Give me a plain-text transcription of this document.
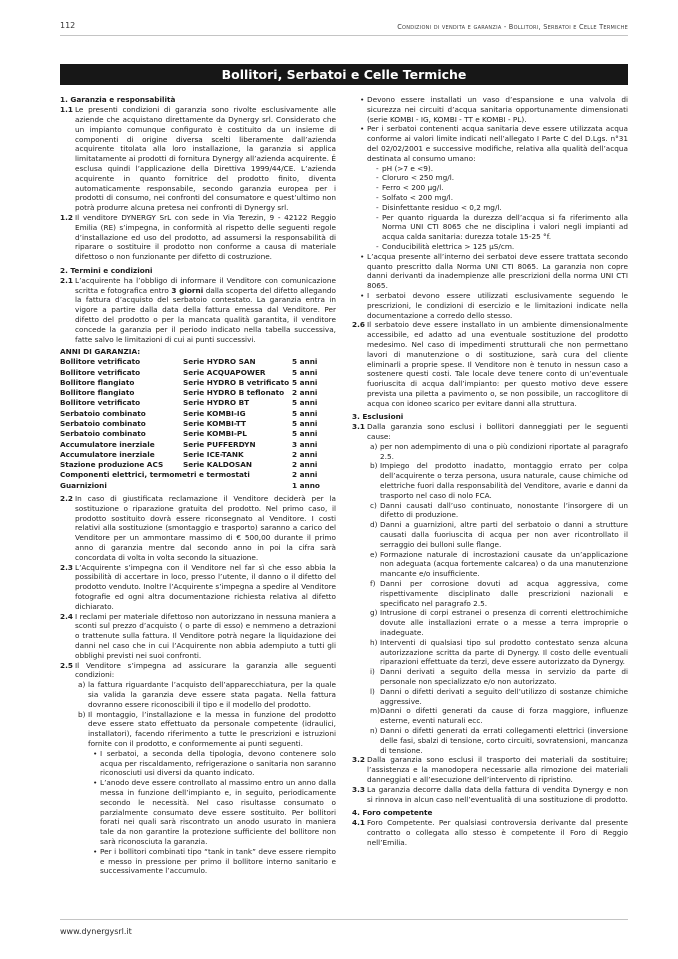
112	Condizioni di vendita e garanzia - Bollitori, Serbatoi e Celle Termiche
Bollitori, Serbatoi e Celle Termiche
1. Garanzia e responsabilità
1.1 Le presenti condizioni di garanzia sono rivolte esclusivamente alle aziende che acquistano direttamente da Dynergy srl. Considerato che un impianto comunque configurato è costituito da un insieme di componenti di origine diversa scelti liberamente dall’azienda acquirente titolata alla loro installazione, la garanzia si applica limitatamente ai prodotti di fornitura Dynergy all’azienda acquirente. É esclusa quindi l’applicazione della Direttiva 1999/44/CE. L’azienda acquirente in quanto fornitrice del prodotto finito, diventa automaticamente responsabile, secondo garanzia europea per i prodotti di consumo, nei confronti del consumatore e quest’ultimo non potrà produrre alcuna pretesa nei confronti di Dynergy srl.
1.2 Il venditore DYNERGY SrL con sede in Via Terezin, 9 - 42122 Reggio Emilia (RE) s’impegna, in conformità al rispetto delle seguenti regole d’installazione ed uso del prodotto, ad assumersi la responsabilità di riparare o sostituire il prodotto non conforme a causa di materiale difettoso o non funzionante per difetto di costruzione.
2. Termini e condizioni
2.1 L’acquirente ha l’obbligo di informare il Venditore con comunicazione scritta e fotografica entro 3 giorni dalla scoperta del difetto allegando la fattura d’acquisto del serbatoio contestato. La garanzia entra in vigore a partire dalla data della fattura emessa dal Venditore. Per difetto del prodotto o per la mancata qualità garantita, il venditore concede la garanzia per il periodo indicato nella tabella successiva, fatte salvo le limitazioni di cui ai punti successivi.
ANNI DI GARANZIA:
Bollitore vetrificato	Serie HYDRO SAN	5 anni
Bollitore vetrificato	Serie ACQUAPOWER	5 anni
Bollitore flangiato	Serie HYDRO B vetrificato 5 anni
Bollitore flangiato	Serie HYDRO B teflonato	2 anni
Bollitore vetrificato	Serie HYDRO BT	5 anni
Serbatoio combinato	Serie KOMBI-IG	5 anni
Serbatoio combinato	Serie KOMBI-TT	5 anni
Serbatoio combinato	Serie KOMBI-PL	5 anni
Accumulatore inerziale	Serie PUFFERDYN	3 anni
Accumulatore inerziale	Serie ICE-TANK	2 anni
Stazione produzione ACS	Serie KALDOSAN	2 anni
Componenti elettrici, termometri e termostati	2 anni
Guarnizioni	1 anno
2.2 In caso di giustificata reclamazione il Venditore deciderà per la sostituzione o riparazione gratuita del prodotto. Nel primo caso, il prodotto sostituito dovrà essere riconsegnato al Venditore. I costi relativi alla sostituzione (smontaggio e trasporto) saranno a carico del Venditore per un ammontare massimo di € 500,00 durante il primo anno di garanzia mentre dal secondo anno in poi la cifra sarà concordata di volta in volta secondo la situazione.
2.3 L’Acquirente s’impegna con il Venditore nel far sì che esso abbia la possibilità di accertare in loco, presso l’utente, il danno o il difetto del prodotto venduto. Inoltre l’Acquirente s’impegna a spedire al Venditore fotografie ed ogni altra documentazione richiesta relativa al difetto dichiarato.
2.4 I reclami per materiale difettoso non autorizzano in nessuna maniera a sconti sul prezzo d’acquisto ( o parte di esso) e nemmeno a detrazioni o trattenute sulla fattura. Il Venditore potrà negare la liquidazione dei danni nel caso che in cui l’Acquirente non abbia adempiuto a tutti gli obblighi previsti nei suoi confronti.
2.5 Il Venditore s’impegna ad assicurare la garanzia alle seguenti condizioni:
a) la fattura riguardante l’acquisto dell’apparecchiatura, per la quale sia valida la garanzia deve essere stata pagata. Nella fattura dovranno essere riconoscibili il tipo e il modello del prodotto.
b) Il montaggio, l’installazione e la messa in funzione del prodotto deve essere stato effettuato da personale competente (idraulici, installatori), facendo riferimento a tutte le prescrizioni e istruzioni fornite con il prodotto, e conformemente ai punti seguenti.
• I serbatoi, a seconda della tipologia, devono contenere solo acqua per riscaldamento, refrigerazione o sanitaria non saranno riconosciuti usi diversi da quanto indicato.
• L’anodo deve essere controllato al massimo entro un anno dalla messa in funzione dell’impianto e, in seguito, periodicamente secondo le necessità. Nel caso risultasse consumato o parzialmente consumato deve essere sostituito. Per bollitori forati nei quali sarà riscontrato un anodo usurato in maniera tale da non garantire la protezione sufficiente del bollitore non sarà riconosciuta la garanzia.
• Per i bollitori combinati tipo “tank in tank” deve essere riempito e messo in pressione per primo il bollitore interno sanitario e successivamente l’accumulo.
• Devono essere installati un vaso d’espansione e una valvola di sicurezza nei circuiti d’acqua sanitaria opportunamente dimensionati (serie KOMBI - IG, KOMBI - TT e KOMBI - PL).
• Per i serbatoi contenenti acqua sanitaria deve essere utilizzata acqua conforme ai valori limite indicati nell’allegato I Parte C del D.Lgs. n°31 del 02/02/2001 e successive modifiche, relativa alla qualità dell’acqua destinata al consumo umano:
- pH (>7 e <9).
- Cloruro < 250 mg/l.
- Ferro < 200 μg/l.
- Solfato < 200 mg/l.
- Disinfettante residuo < 0,2 mg/l.
- Per quanto riguarda la durezza dell’acqua si fa riferimento alla Norma UNI CTI 8065 che ne disciplina i valori negli impianti ad acqua calda sanitaria: durezza totale 15-25 °f.
- Conducibilità elettrica > 125 μS/cm.
• L’acqua presente all’interno dei serbatoi deve essere trattata secondo quanto prescritto dalla Norma UNI CTI 8065. La garanzia non copre danni derivanti da inadempienze alle prescrizioni della norma UNI CTI 8065.
• I serbatoi devono essere utilizzati esclusivamente seguendo le prescrizioni, le condizioni di esercizio e le limitazioni indicate nella documentazione a corredo dello stesso.
2.6 Il serbatoio deve essere installato in un ambiente dimensionalmente accessibile, ed adatto ad una eventuale sostituzione del prodotto medesimo. Nel caso di impedimenti strutturali che non permettano lavori di manutenzione o di sostituzione, sarà cura del cliente eliminarli a proprie spese. Il Venditore non è tenuto in nessun caso a sostenere questi costi. Tale locale deve tenere conto di un’eventuale fuoriuscita di acqua dall’impianto: per questo motivo deve essere prevista una piletta a pavimento o, se non possibile, un raccoglitore di acqua con idoneo scarico per evitare danni alla struttura.
3. Esclusioni
3.1 Dalla garanzia sono esclusi i bollitori danneggiati per le seguenti cause:
a) per non adempimento di una o più condizioni riportate al paragrafo 2.5.
b) Impiego del prodotto inadatto, montaggio errato per colpa dell’acquirente o terza persona, usura naturale, cause chimiche od elettriche fuori dalla responsabilità del Venditore, avarie e danni da trasporto nel caso di nolo FCA.
c) Danni causati dall’uso continuato, nonostante l’insorgere di un difetto di produzione.
d) Danni a guarnizioni, altre parti del serbatoio o danni a strutture causati dalla fuoriuscita di acqua per non aver ricontrollato il serraggio dei bulloni sulle flange.
e) Formazione naturale di incrostazioni causate da un’applicazione non adeguata (acqua fortemente calcarea) o da una manutenzione mancante e/o insufficiente.
f) Danni per corrosione dovuti ad acqua aggressiva, come rispettivamente disciplinato dalle prescrizioni nazionali e specificato nel paragrafo 2.5.
g) Intrusione di corpi estranei o presenza di correnti elettrochimiche dovute alle installazioni errate o a messe a terra improprie o inadeguate.
h) Interventi di qualsiasi tipo sul prodotto contestato senza alcuna autorizzazione scritta da parte di Dynergy. Il costo delle eventuali riparazioni effettuate da terzi, deve essere autorizzato da Dynergy.
i) Danni derivati a seguito della messa in servizio da parte di personale non specializzato e/o non autorizzato.
l) Danni o difetti derivati a seguito dell’utilizzo di sostanze chimiche aggressive.
m) Danni o difetti generati da cause di forza maggiore, influenze esterne, eventi naturali ecc.
n) Danni o difetti generati da errati collegamenti elettrici (inversione delle fasi, sbalzi di tensione, corto circuiti, sovratensioni, mancanza di tensione.
3.2 Dalla garanzia sono esclusi il trasporto dei materiali da sostituire; l’assistenza e la manodopera necessarie alla rimozione dei materiali danneggiati e all’esecuzione dell’intervento di ripristino.
3.3 La garanzia decorre dalla data della fattura di vendita Dynergy e non si rinnova in alcun caso nell’eventualità di una sostituzione di prodotto.
4. Foro competente
4.1 Foro Competente. Per qualsiasi controversia derivante dal presente contratto o collegata allo stesso è competente il Foro di Reggio nell’Emilia.
www.dynergysrl.it
